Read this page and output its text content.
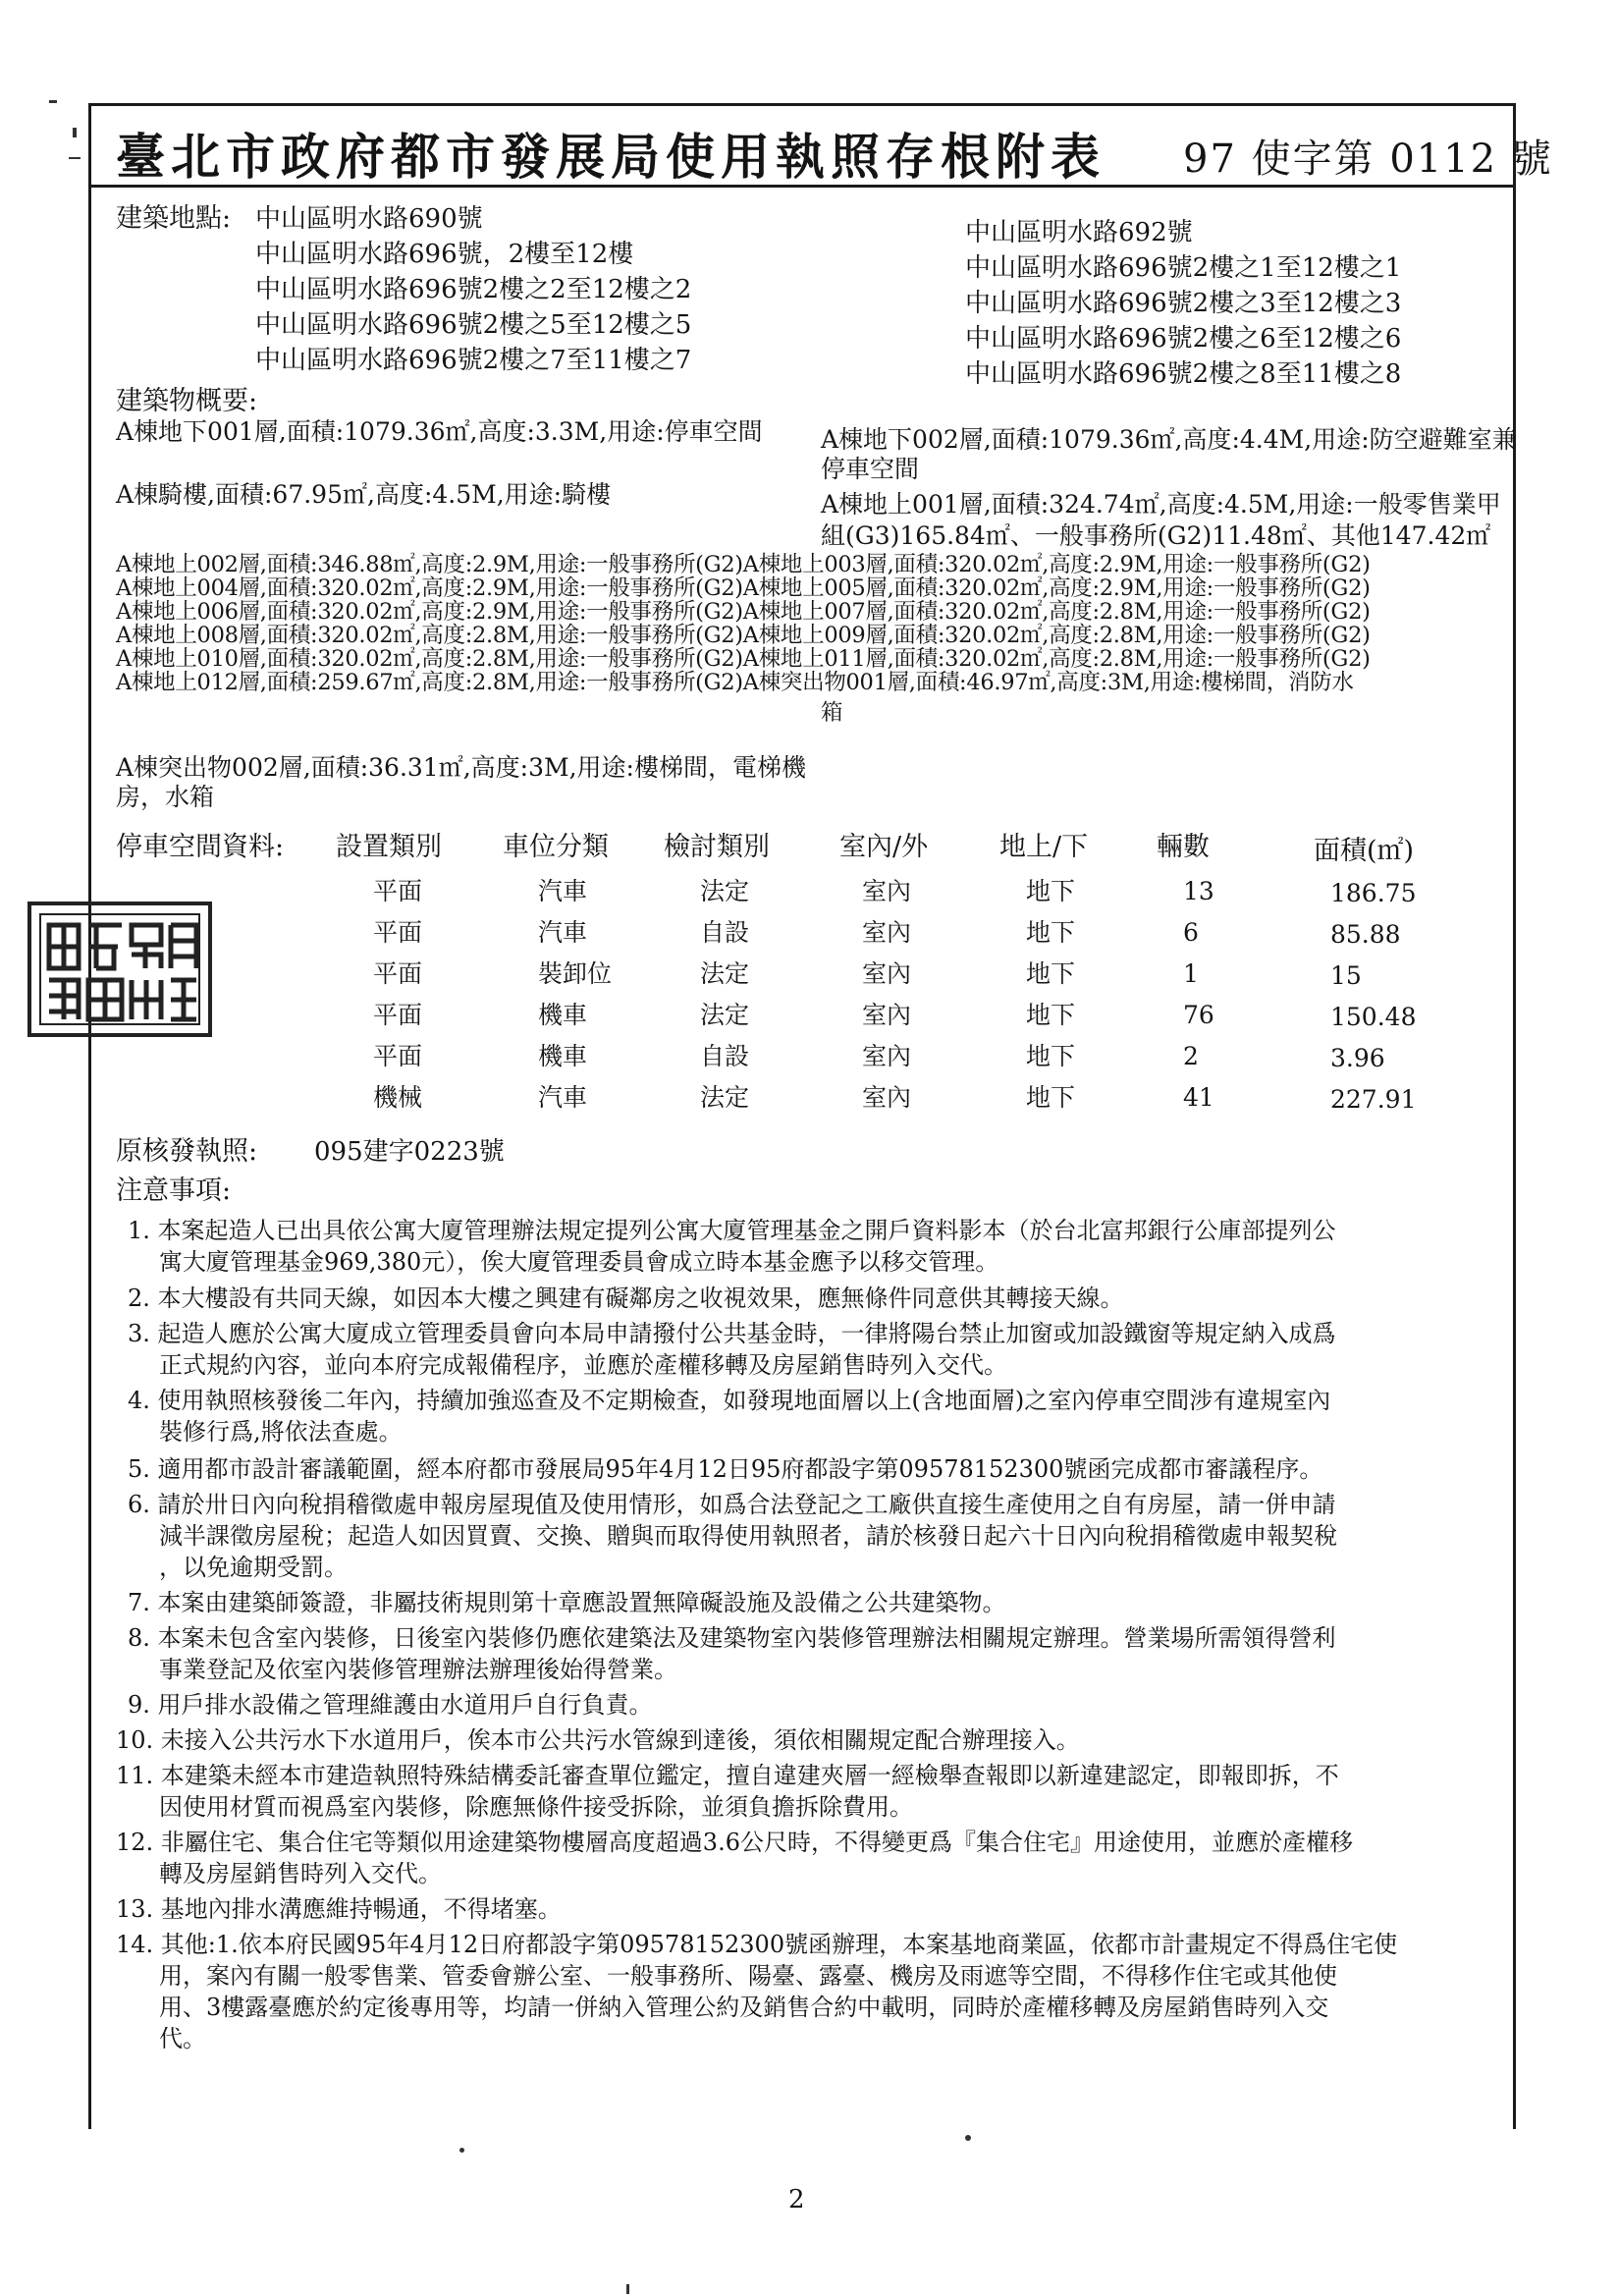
臺北市政府都市發展局使用執照存根附表 97 使字第 0112 號
建築地點: 中山區明水路690號
中山區明水路696號，2樓至12樓
中山區明水路696號2樓之2至12樓之2
中山區明水路696號2樓之5至12樓之5
中山區明水路696號2樓之7至11樓之7
中山區明水路692號
中山區明水路696號2樓之1至12樓之1
中山區明水路696號2樓之3至12樓之3
中山區明水路696號2樓之6至12樓之6
中山區明水路696號2樓之8至11樓之8
建築物概要:
A棟地下001層,面積:1079.36㎡,高度:3.3M,用途:停車空間 A棟地下002層,面積:1079.36㎡,高度:4.4M,用途:防空避難室兼
停車空間
A棟騎樓,面積:67.95㎡,高度:4.5M,用途:騎樓	A棟地上001層,面積:324.74㎡,高度:4.5M,用途:一般零售業甲
組(G3)165.84㎡、一般事務所(G2)11.48㎡、其他147.42㎡
A棟地上002層,面積:346.88㎡,高度:2.9M,用途:一般事務所(G2)A棟地上003層,面積:320.02㎡,高度:2.9M,用途:一般事務所(G2)
A棟地上004層,面積:320.02㎡,高度:2.9M,用途:一般事務所(G2)A棟地上005層,面積:320.02㎡,高度:2.9M,用途:一般事務所(G2)
A棟地上006層,面積:320.02㎡,高度:2.9M,用途:一般事務所(G2)A棟地上007層,面積:320.02㎡,高度:2.8M,用途:一般事務所(G2)
A棟地上008層,面積:320.02㎡,高度:2.8M,用途:一般事務所(G2)A棟地上009層,面積:320.02㎡,高度:2.8M,用途:一般事務所(G2)
A棟地上010層,面積:320.02㎡,高度:2.8M,用途:一般事務所(G2)A棟地上011層,面積:320.02㎡,高度:2.8M,用途:一般事務所(G2)
A棟地上012層,面積:259.67㎡,高度:2.8M,用途:一般事務所(G2)A棟突出物001層,面積:46.97㎡,高度:3M,用途:樓梯間，消防水
箱
A棟突出物002層,面積:36.31㎡,高度:3M,用途:樓梯間，電梯機
房，水箱
停車空間資料: 設置類別 車位分類 檢討類別	室內/外	地上/下	輛數	面積(㎡)
平面	汽車	法定	室內	地下	13	186.75
平面	汽車	自設	室內	地下	6	85.88
平面	裝卸位	法定	室內	地下	1	15
平面	機車	法定	室內	地下	76	150.48
平面	機車	自設	室內	地下	2	3.96
機械	汽車	法定	室內	地下	41	227.91
原核發執照: 095建字0223號
注意事項:
1. 本案起造人已出具依公寓大廈管理辦法規定提列公寓大廈管理基金之開戶資料影本（於台北富邦銀行公庫部提列公
寓大廈管理基金969,380元），俟大廈管理委員會成立時本基金應予以移交管理。
2. 本大樓設有共同天線，如因本大樓之興建有礙鄰房之收視效果，應無條件同意供其轉接天線。
3. 起造人應於公寓大廈成立管理委員會向本局申請撥付公共基金時，一律將陽台禁止加窗或加設鐵窗等規定納入成爲
正式規約內容，並向本府完成報備程序，並應於產權移轉及房屋銷售時列入交代。
4. 使用執照核發後二年內，持續加強巡查及不定期檢查，如發現地面層以上(含地面層)之室內停車空間涉有違規室內
裝修行爲,將依法查處。
5. 適用都市設計審議範圍，經本府都市發展局95年4月12日95府都設字第09578152300號函完成都市審議程序。
6. 請於卅日內向稅捐稽徵處申報房屋現值及使用情形，如爲合法登記之工廠供直接生產使用之自有房屋，請一併申請
減半課徵房屋稅；起造人如因買賣、交換、贈與而取得使用執照者，請於核發日起六十日內向稅捐稽徵處申報契稅
，以免逾期受罰。
7. 本案由建築師簽證，非屬技術規則第十章應設置無障礙設施及設備之公共建築物。
8. 本案未包含室內裝修，日後室內裝修仍應依建築法及建築物室內裝修管理辦法相關規定辦理。營業場所需領得營利
事業登記及依室內裝修管理辦法辦理後始得營業。
9. 用戶排水設備之管理維護由水道用戶自行負責。
10. 未接入公共污水下水道用戶，俟本市公共污水管線到達後，須依相關規定配合辦理接入。
11. 本建築未經本市建造執照特殊結構委託審查單位鑑定，擅自違建夾層一經檢舉查報即以新違建認定，即報即拆，不
因使用材質而視爲室內裝修，除應無條件接受拆除，並須負擔拆除費用。
12. 非屬住宅、集合住宅等類似用途建築物樓層高度超過3.6公尺時，不得變更爲『集合住宅』用途使用，並應於產權移
轉及房屋銷售時列入交代。
13. 基地內排水溝應維持暢通，不得堵塞。
14. 其他:1.依本府民國95年4月12日府都設字第09578152300號函辦理，本案基地商業區，依都市計畫規定不得爲住宅使
用，案內有關一般零售業、管委會辦公室、一般事務所、陽臺、露臺、機房及雨遮等空間，不得移作住宅或其他使
用、3樓露臺應於約定後專用等，均請一併納入管理公約及銷售合約中載明，同時於產權移轉及房屋銷售時列入交
代。
2
